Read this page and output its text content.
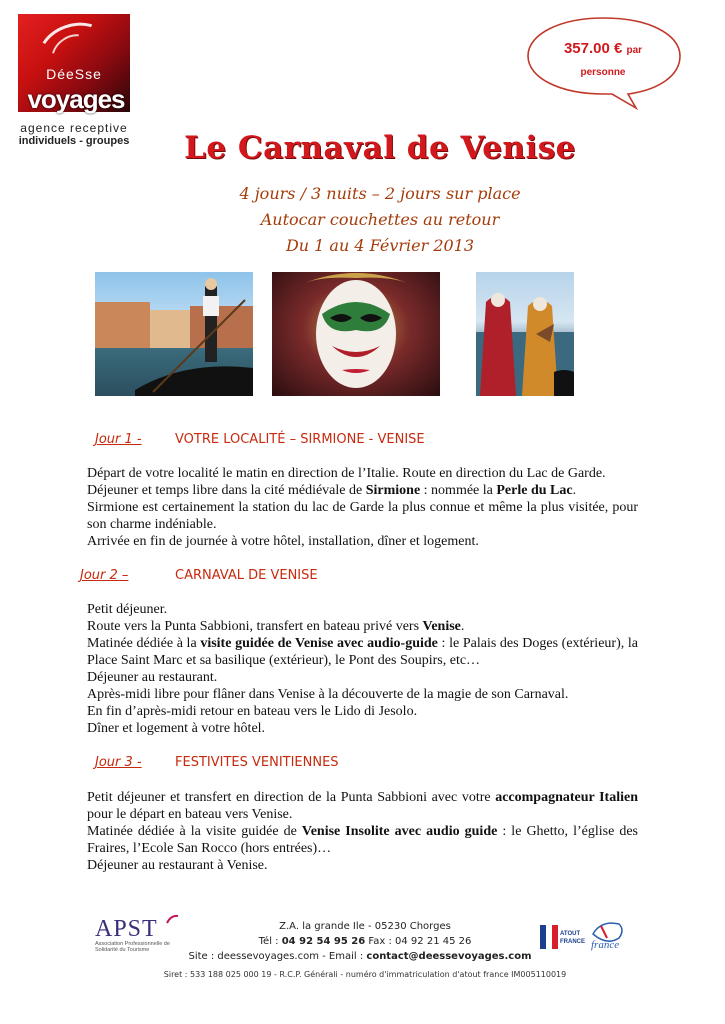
DéeSse
voyages
agence receptive
individuels - groupes
357.00 € par
personne
Le Carnaval de Venise
4 jours / 3 nuits – 2 jours sur place
Autocar couchettes au retour
Du 1 au 4 Février 2013
Jour 1 -	VOTRE LOCALITÉ – SIRMIONE - VENISE

Départ de votre localité le matin en direction de l’Italie. Route en direction du Lac de Garde.

Déjeuner et temps libre dans la cité médiévale de Sirmione : nommée la Perle du Lac.

Sirmione est certainement la station du lac de Garde la plus connue et même la plus visitée, pour son charme indéniable.

Arrivée en fin de journée à votre hôtel, installation, dîner et logement.

Jour 2 –	CARNAVAL DE VENISE

Petit déjeuner.

Route vers la Punta Sabbioni, transfert en bateau privé vers Venise.

Matinée dédiée à la visite guidée de Venise avec audio-guide : le Palais des Doges (extérieur), la Place Saint Marc et sa basilique (extérieur), le Pont des Soupirs, etc…

Déjeuner au restaurant.

Après-midi libre pour flâner dans Venise à la découverte de la magie de son Carnaval.

En fin d’après-midi retour en bateau vers le Lido di Jesolo.

Dîner et logement à votre hôtel.

Jour 3 -	FESTIVITES VENITIENNES

Petit déjeuner et transfert en direction de la Punta Sabbioni avec votre accompagnateur Italien pour le départ en bateau vers Venise.

Matinée dédiée à la visite guidée de Venise Insolite avec audio guide : le Ghetto, l’église des Fraires, l’Ecole San Rocco (hors entrées)…

Déjeuner au restaurant à Venise.

APST
Association Professionnelle de Solidarité du Tourisme
Z.A. la grande Ile - 05230 Chorges
Tél : 04 92 54 95 26 Fax : 04 92 21 45 26
Site : deessevoyages.com - Email : contact@deessevoyages.com
Siret : 533 188 025 000 19 - R.C.P. Générali - numéro d'immatriculation d'atout france IM005110019
ATOUT
FRANCE france
